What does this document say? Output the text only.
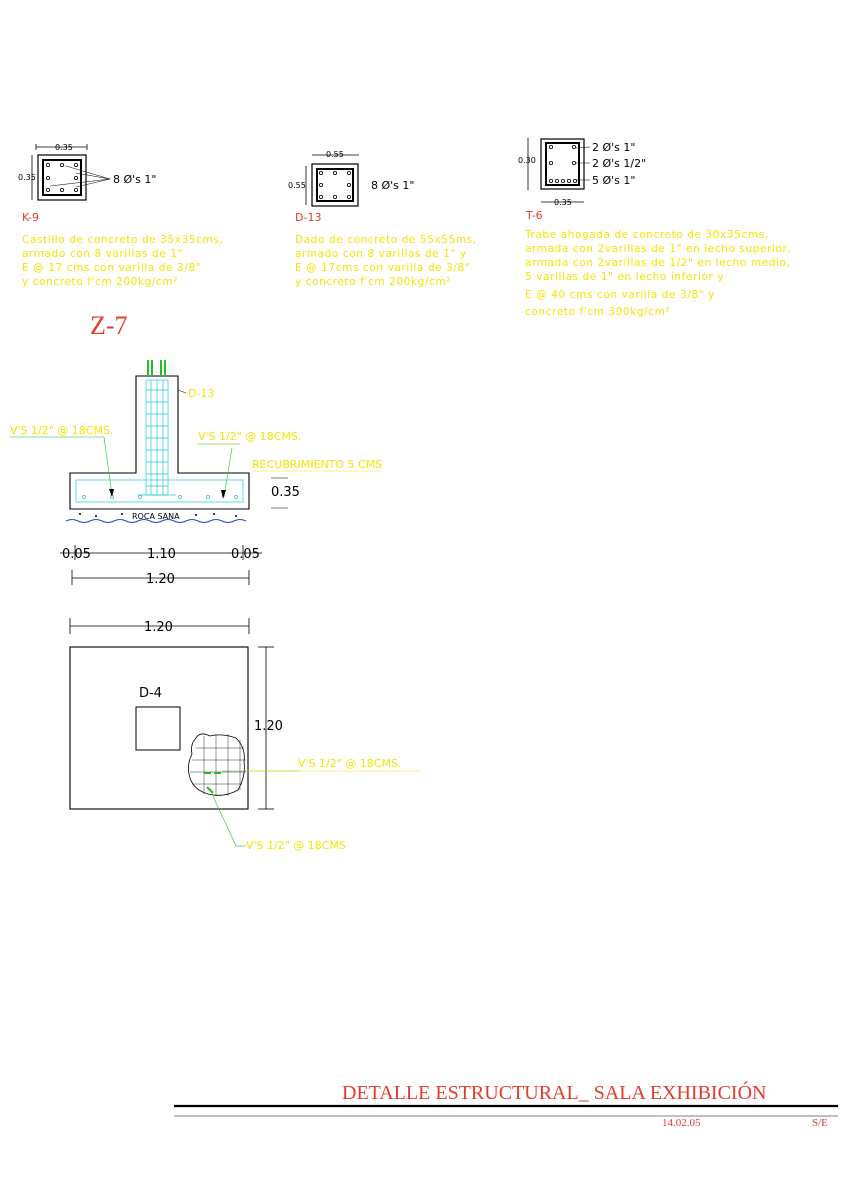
0.35
0.35	8 Ø's 1"
K-9
Castillo de concreto de 35x35cms,
armado con 8 varillas de 1"
E @ 17 cms con varilla de 3/8"
y concreto f'cm 200kg/cm²
0.55
0.55	8 Ø's 1"
D-13
Dado de concreto de 55x55ms,
armado con 8 varillas de 1" y
E @ 17cms con varilla de 3/8"
y concreto f'cm 200kg/cm²
0.30
2 Ø's 1"
2 Ø's 1/2"
5 Ø's 1"
0.35
T-6
Trabe ahogada de concreto de 30x35cms,
armada con 2varillas de 1" en lecho superior,
armada con 2varillas de 1/2" en lecho medio,
5 varillas de 1" en lecho inferior y
E @ 40 cms con varilla de 3/8" y
concreto f'cm 300kg/cm²
Z-7
D-13
V'S 1/2" @ 18CMS.	V'S 1/2" @ 18CMS.
RECUBRIMIENTO 5 CMS
0.35
ROCA SANA
0.05	1.10	0.05
1.20
1.20
1.20
D-4
V'S 1/2" @ 18CMS.
V'S 1/2" @ 18CMS
DETALLE ESTRUCTURAL_ SALA EXHIBICIÓN
14.02.05	S/E
